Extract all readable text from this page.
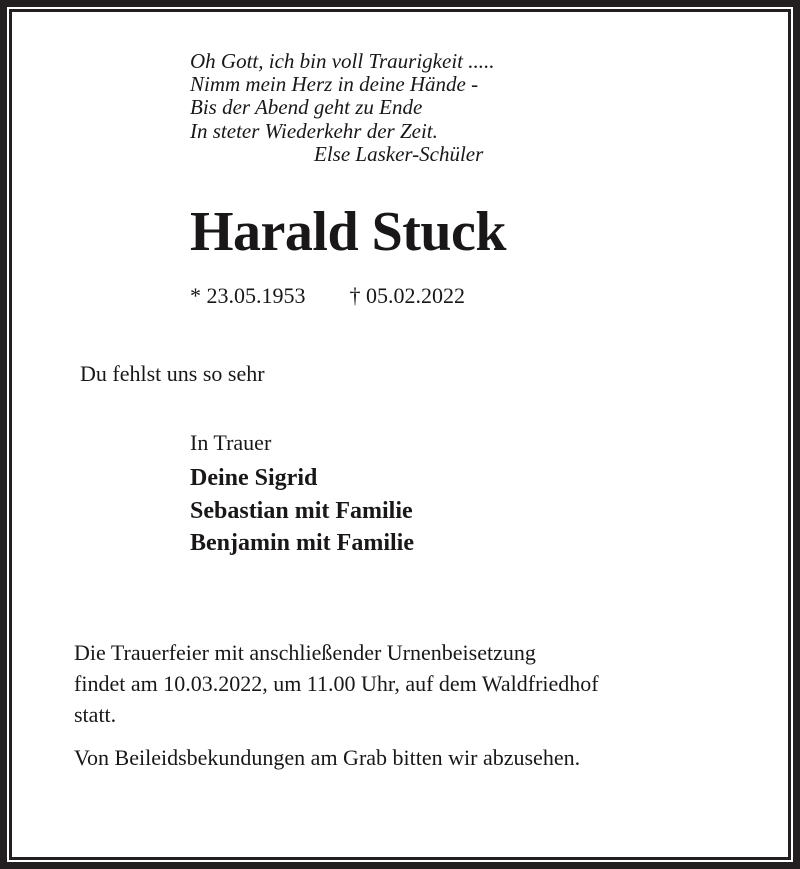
Oh Gott, ich bin voll Traurigkeit .....
Nimm mein Herz in deine Hände -
Bis der Abend geht zu Ende
In steter Wiederkehr der Zeit.
Else Lasker-Schüler
Harald Stuck
* 23.05.1953 † 05.02.2022
Du fehlst uns so sehr
In Trauer
Deine Sigrid
Sebastian mit Familie
Benjamin mit Familie
Die Trauerfeier mit anschließender Urnenbeisetzung
findet am 10.03.2022, um 11.00 Uhr, auf dem Waldfriedhof
statt.
Von Beileidsbekundungen am Grab bitten wir abzusehen.
